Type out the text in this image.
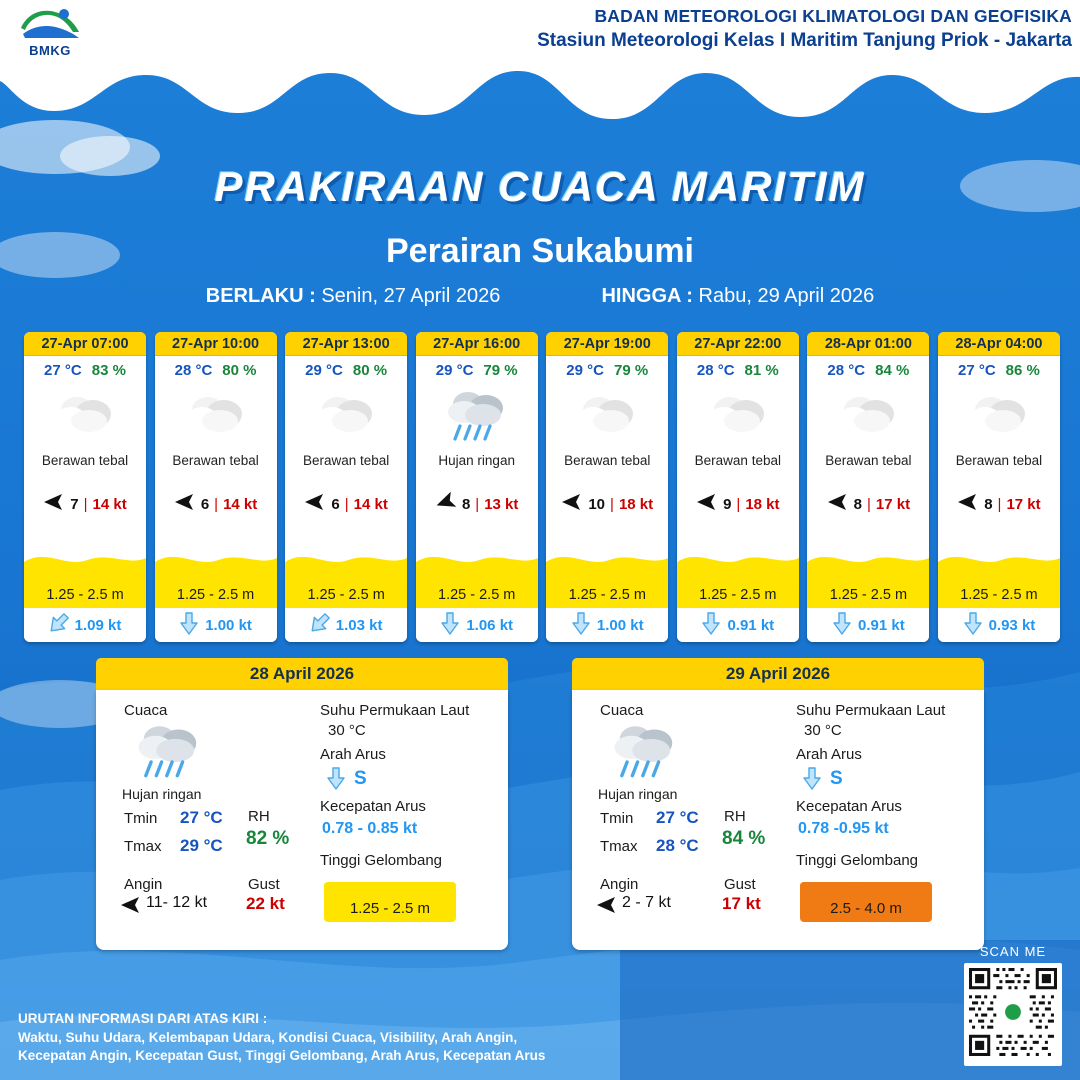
BMKG
BADAN METEOROLOGI KLIMATOLOGI DAN GEOFISIKA
Stasiun Meteorologi Kelas I Maritim Tanjung Priok - Jakarta
PRAKIRAAN CUACA MARITIM
Perairan Sukabumi
BERLAKU : Senin, 27 April 2026	HINGGA : Rabu, 29 April 2026
27-Apr 07:00
27 °C 83 %
Berawan tebal
7 | 14 kt
1.25 - 2.5 m
1.09 kt
27-Apr 10:00
28 °C 80 %
Berawan tebal
6 | 14 kt
1.25 - 2.5 m
1.00 kt
27-Apr 13:00
29 °C 80 %
Berawan tebal
6 | 14 kt
1.25 - 2.5 m
1.03 kt
27-Apr 16:00
29 °C 79 %
Hujan ringan
8 | 13 kt
1.25 - 2.5 m
1.06 kt
27-Apr 19:00
29 °C 79 %
Berawan tebal
10 | 18 kt
1.25 - 2.5 m
1.00 kt
27-Apr 22:00
28 °C 81 %
Berawan tebal
9 | 18 kt
1.25 - 2.5 m
0.91 kt
28-Apr 01:00
28 °C 84 %
Berawan tebal
8 | 17 kt
1.25 - 2.5 m
0.91 kt
28-Apr 04:00
27 °C 86 %
Berawan tebal
8 | 17 kt
1.25 - 2.5 m
0.93 kt
28 April 2026
Cuaca
Hujan ringan
Tmin 27 °C
Tmax 29 °C
RH
82 %
Angin
11- 12 kt
Gust
22 kt
Suhu Permukaan Laut
30 °C
Arah Arus
S
Kecepatan Arus
0.78 - 0.85 kt
Tinggi Gelombang
1.25 - 2.5 m
29 April 2026
Cuaca
Hujan ringan
Tmin 27 °C
Tmax 28 °C
RH
84 %
Angin
2 - 7 kt
Gust
17 kt
Suhu Permukaan Laut
30 °C
Arah Arus
S
Kecepatan Arus
0.78 -0.95 kt
Tinggi Gelombang
2.5 - 4.0 m
URUTAN INFORMASI DARI ATAS KIRI :
Waktu, Suhu Udara, Kelembapan Udara, Kondisi Cuaca, Visibility, Arah Angin,
Kecepatan Angin, Kecepatan Gust, Tinggi Gelombang, Arah Arus, Kecepatan Arus
SCAN ME
